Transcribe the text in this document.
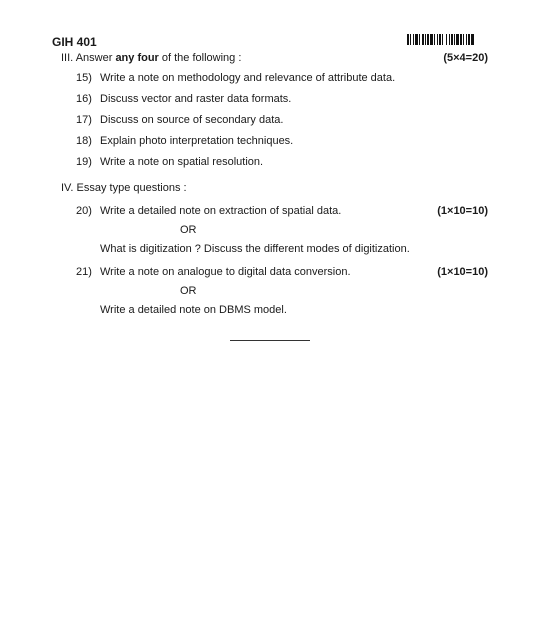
GIH 401
III. Answer any four of the following :	(5×4=20)
15) Write a note on methodology and relevance of attribute data.
16) Discuss vector and raster data formats.
17) Discuss on source of secondary data.
18) Explain photo interpretation techniques.
19) Write a note on spatial resolution.
IV. Essay type questions :
20) Write a detailed note on extraction of spatial data.	(1×10=10)
OR
What is digitization ? Discuss the different modes of digitization.
21) Write a note on analogue to digital data conversion.	(1×10=10)
OR
Write a detailed note on DBMS model.
